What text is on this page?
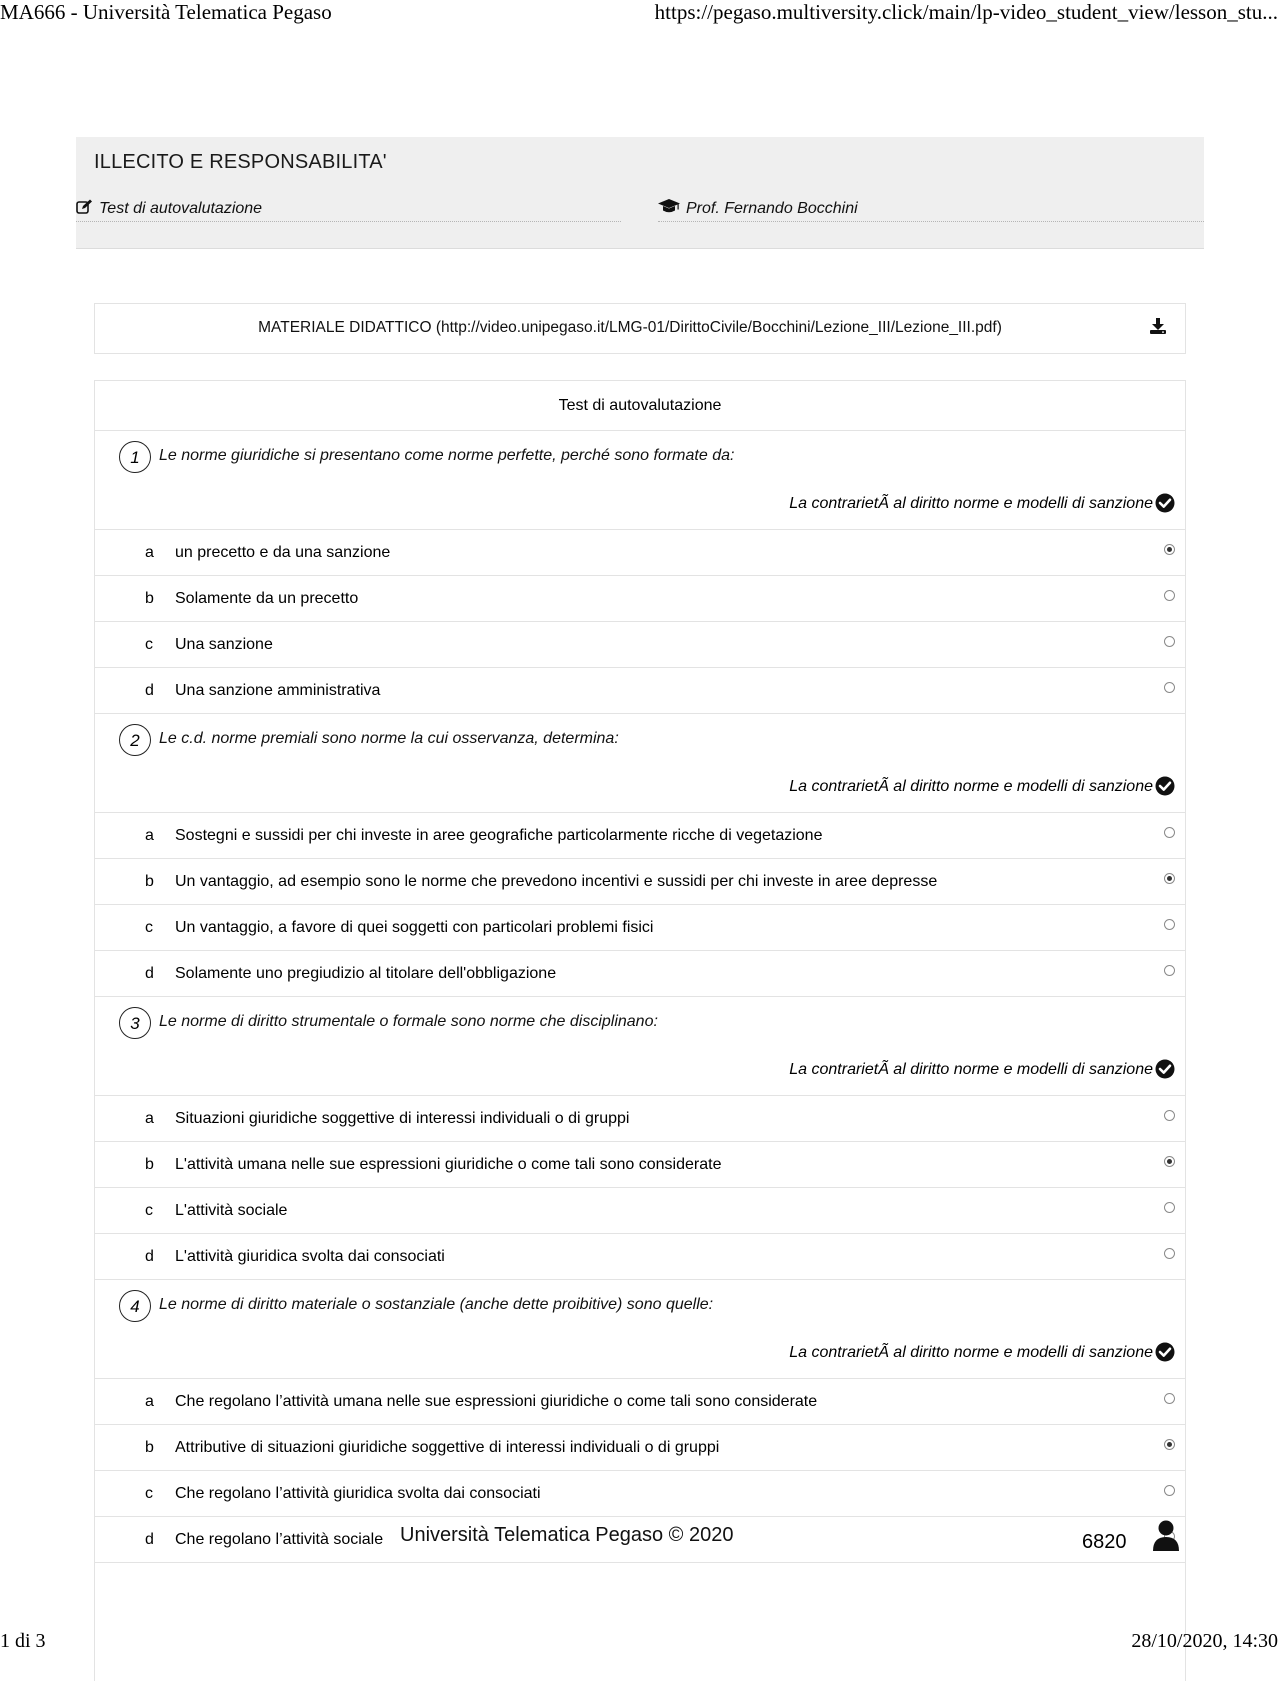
MA666 - Università Telematica Pegaso	https://pegaso.multiversity.click/main/lp-video_student_view/lesson_stu...
ILLECITO E RESPONSABILITA'
Test di autovalutazione	Prof. Fernando Bocchini
MATERIALE DIDATTICO (http://video.unipegaso.it/LMG-01/DirittoCivile/Bocchini/Lezione_III/Lezione_III.pdf)
Test di autovalutazione
1	Le norme giuridiche si presentano come norme perfette, perché sono formate da:
La contrarietÃ al diritto norme e modelli di sanzione
a un precetto e da una sanzione
b Solamente da un precetto
c Una sanzione
d Una sanzione amministrativa
2	Le c.d. norme premiali sono norme la cui osservanza, determina:
La contrarietÃ al diritto norme e modelli di sanzione
a Sostegni e sussidi per chi investe in aree geografiche particolarmente ricche di vegetazione
b Un vantaggio, ad esempio sono le norme che prevedono incentivi e sussidi per chi investe in aree depresse
c Un vantaggio, a favore di quei soggetti con particolari problemi fisici
d Solamente uno pregiudizio al titolare dell'obbligazione
3	Le norme di diritto strumentale o formale sono norme che disciplinano:
La contrarietÃ al diritto norme e modelli di sanzione
a Situazioni giuridiche soggettive di interessi individuali o di gruppi
b L'attività umana nelle sue espressioni giuridiche o come tali sono considerate
c L'attività sociale
d L'attività giuridica svolta dai consociati
4	Le norme di diritto materiale o sostanziale (anche dette proibitive) sono quelle:
La contrarietÃ al diritto norme e modelli di sanzione
a Che regolano l’attività umana nelle sue espressioni giuridiche o come tali sono considerate
b Attributive di situazioni giuridiche soggettive di interessi individuali o di gruppi
c Che regolano l’attività giuridica svolta dai consociati
d Che regolano l’attività sociale Università Telematica Pegaso © 2020	6820
1 di 3	28/10/2020, 14:30
